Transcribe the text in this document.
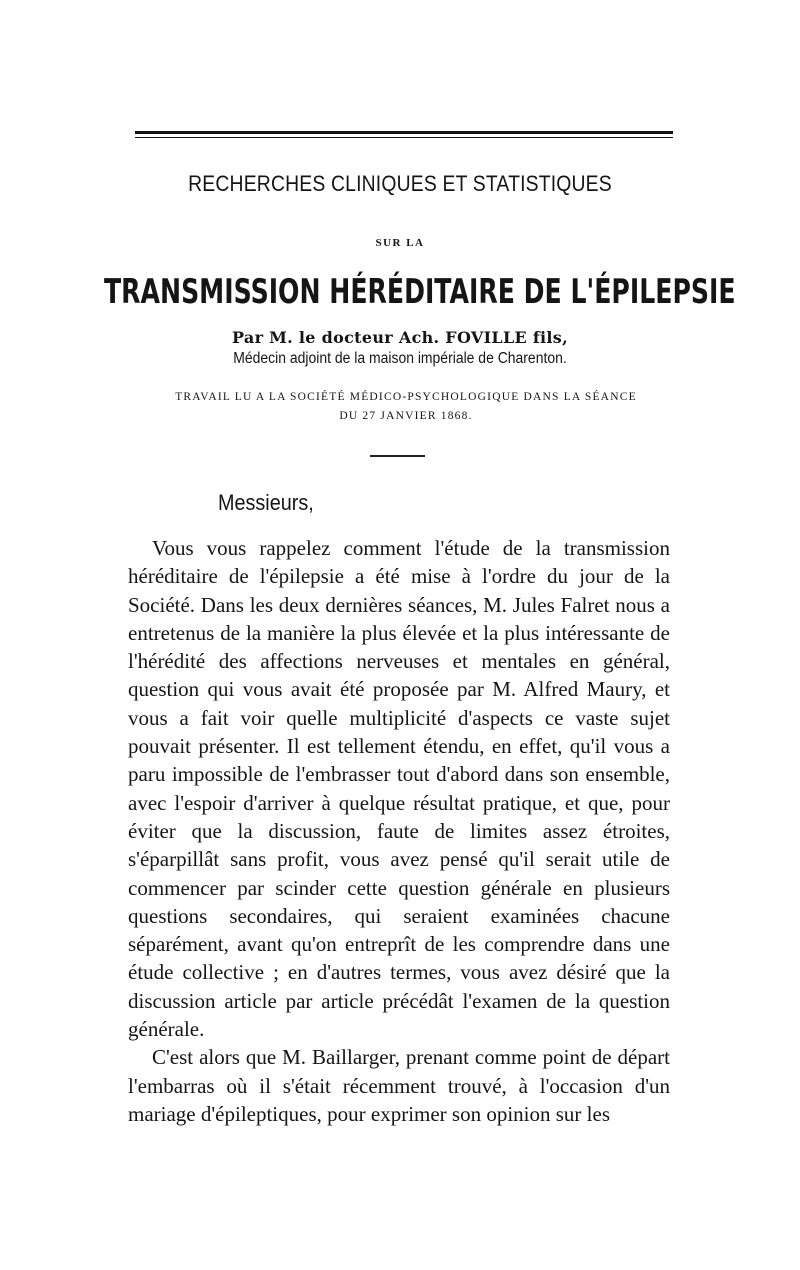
RECHERCHES CLINIQUES ET STATISTIQUES
SUR LA
TRANSMISSION HÉRÉDITAIRE DE L'ÉPILEPSIE
Par M. le docteur Ach. FOVILLE fils,
Médecin adjoint de la maison impériale de Charenton.
TRAVAIL LU A LA SOCIÉTÉ MÉDICO-PSYCHOLOGIQUE DANS LA SÉANCE DU 27 JANVIER 1868.
Messieurs,

Vous vous rappelez comment l'étude de la transmission héréditaire de l'épilepsie a été mise à l'ordre du jour de la Société. Dans les deux dernières séances, M. Jules Falret nous a entretenus de la manière la plus élevée et la plus intéressante de l'hérédité des affections nerveuses et mentales en général, question qui vous avait été proposée par M. Alfred Maury, et vous a fait voir quelle multiplicité d'aspects ce vaste sujet pouvait présenter. Il est tellement étendu, en effet, qu'il vous a paru impossible de l'embrasser tout d'abord dans son ensemble, avec l'espoir d'arriver à quelque résultat pratique, et que, pour éviter que la discussion, faute de limites assez étroites, s'éparpillât sans profit, vous avez pensé qu'il serait utile de commencer par scinder cette question générale en plusieurs questions secondaires, qui seraient examinées chacune séparément, avant qu'on entreprît de les comprendre dans une étude collective ; en d'autres termes, vous avez désiré que la discussion article par article précédât l'examen de la question générale.

C'est alors que M. Baillarger, prenant comme point de départ l'embarras où il s'était récemment trouvé, à l'occasion d'un mariage d'épileptiques, pour exprimer son opinion sur les
